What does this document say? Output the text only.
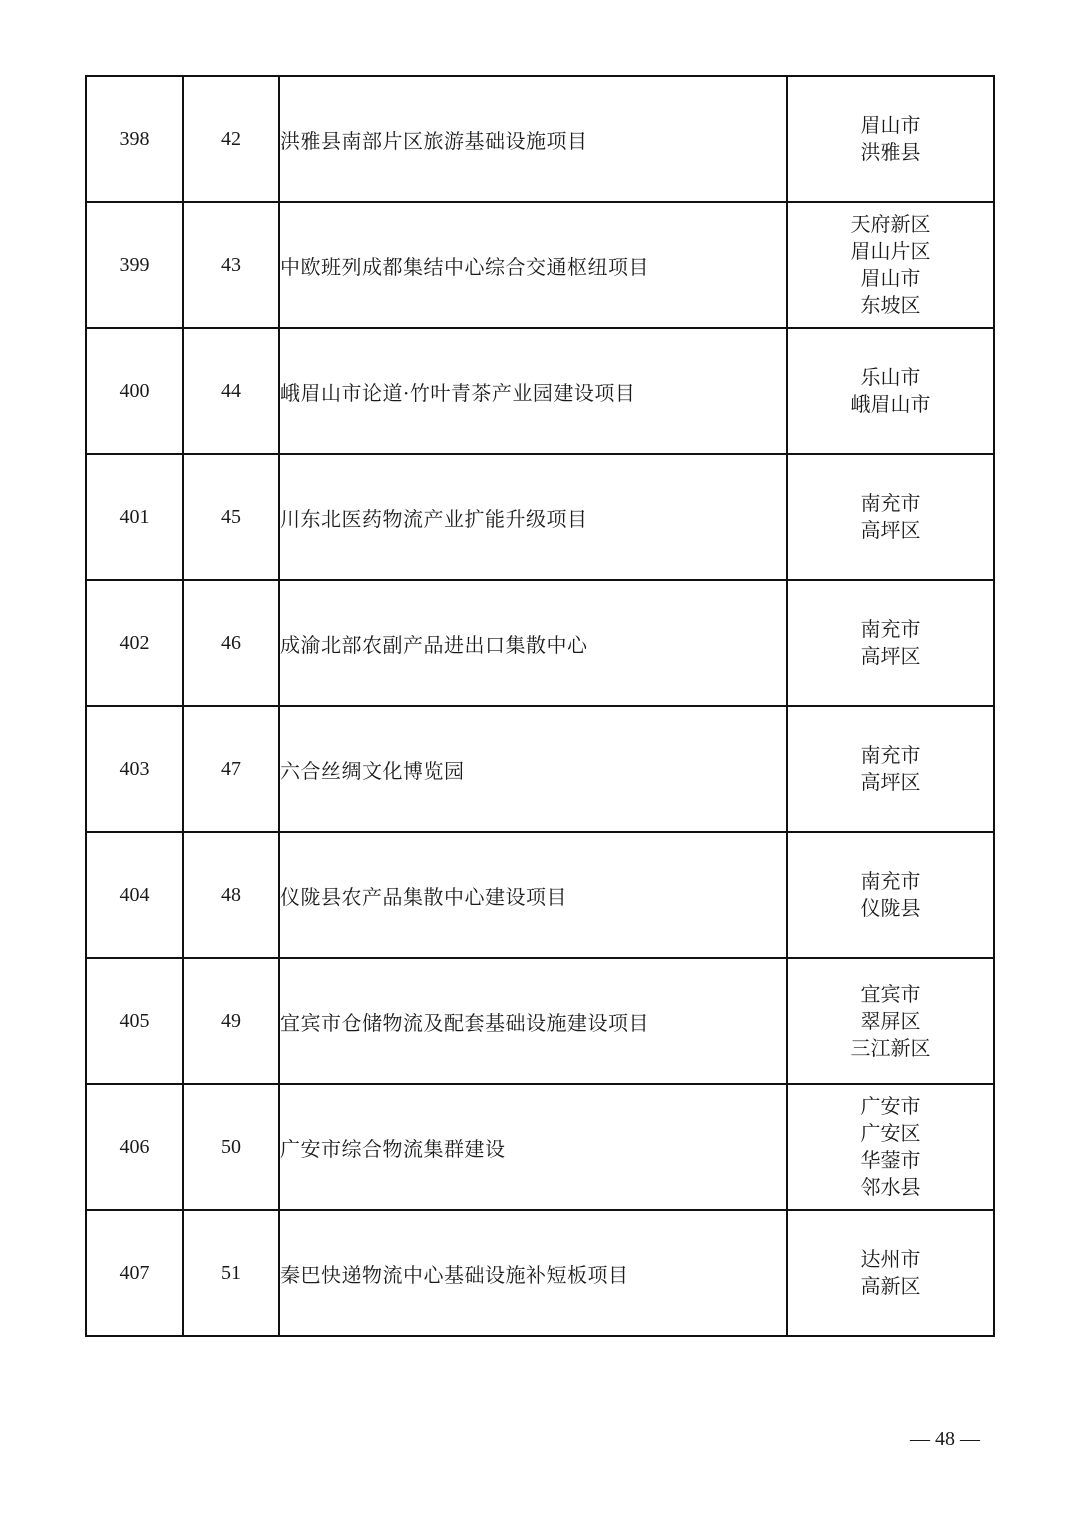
398	42	洪雅县南部片区旅游基础设施项目	眉山市
洪雅县

399	43	中欧班列成都集结中心综合交通枢纽项目	天府新区
眉山片区
眉山市
东坡区

400	44	峨眉山市论道·竹叶青茶产业园建设项目	乐山市
峨眉山市

401	45	川东北医药物流产业扩能升级项目	南充市
高坪区

402	46	成渝北部农副产品进出口集散中心	南充市
高坪区

403	47	六合丝绸文化博览园	南充市
高坪区

404	48	仪陇县农产品集散中心建设项目	南充市
仪陇县

405	49	宜宾市仓储物流及配套基础设施建设项目	宜宾市
翠屏区
三江新区

406	50	广安市综合物流集群建设	广安市
广安区
华蓥市
邻水县

407	51	秦巴快递物流中心基础设施补短板项目	达州市
高新区
— 48 —
